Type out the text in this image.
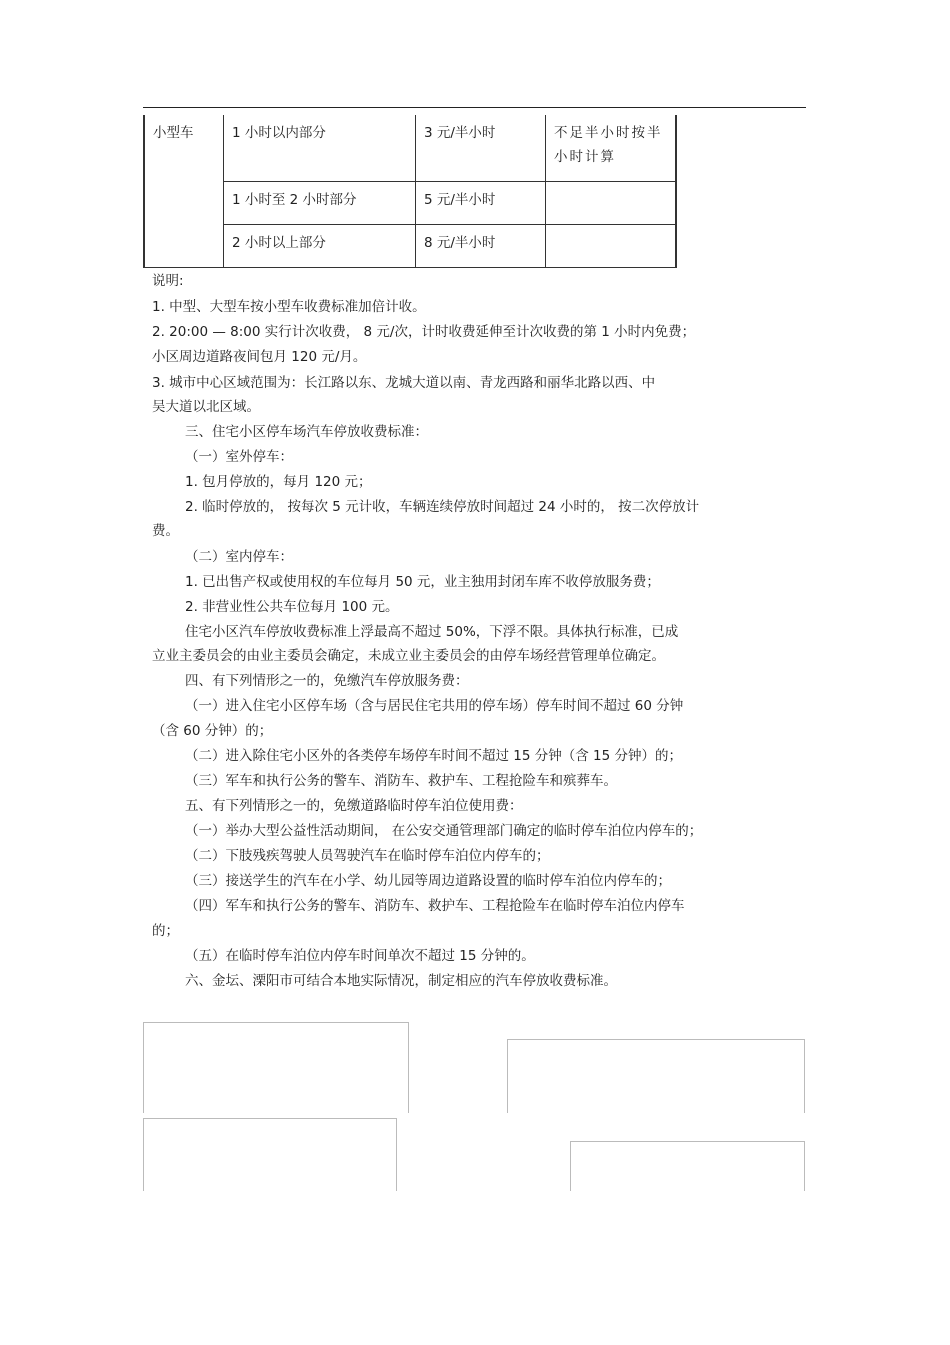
小型车	1 小时以内部分	3 元/半小时	不足半小时按半小时计算
	1 小时至 2 小时部分	5 元/半小时	
	2 小时以上部分	8 元/半小时	
说明:
1. 中型、大型车按小型车收费标准加倍计收。
2. 20:00 — 8:00 实行计次收费， 8 元/次，计时收费延伸至计次收费的第 1 小时内免费；
小区周边道路夜间包月 120 元/月。
3. 城市中心区域范围为：长江路以东、龙城大道以南、青龙西路和丽华北路以西、中
吴大道以北区域。
三、住宅小区停车场汽车停放收费标准：
（一）室外停车：
1. 包月停放的，每月 120 元；
2. 临时停放的， 按每次 5 元计收，车辆连续停放时间超过 24 小时的， 按二次停放计
费。
（二）室内停车：
1. 已出售产权或使用权的车位每月 50 元，业主独用封闭车库不收停放服务费；
2. 非营业性公共车位每月 100 元。
住宅小区汽车停放收费标准上浮最高不超过 50%，下浮不限。具体执行标准，已成
立业主委员会的由业主委员会确定，未成立业主委员会的由停车场经营管理单位确定。
四、有下列情形之一的，免缴汽车停放服务费：
（一）进入住宅小区停车场（含与居民住宅共用的停车场）停车时间不超过 60 分钟
（含 60 分钟）的；
（二）进入除住宅小区外的各类停车场停车时间不超过 15 分钟（含 15 分钟）的；
（三）军车和执行公务的警车、消防车、救护车、工程抢险车和殡葬车。
五、有下列情形之一的，免缴道路临时停车泊位使用费：
（一）举办大型公益性活动期间， 在公安交通管理部门确定的临时停车泊位内停车的；
（二）下肢残疾驾驶人员驾驶汽车在临时停车泊位内停车的；
（三）接送学生的汽车在小学、幼儿园等周边道路设置的临时停车泊位内停车的；
（四）军车和执行公务的警车、消防车、救护车、工程抢险车在临时停车泊位内停车
的；
（五）在临时停车泊位内停车时间单次不超过 15 分钟的。
六、金坛、溧阳市可结合本地实际情况，制定相应的汽车停放收费标准。
